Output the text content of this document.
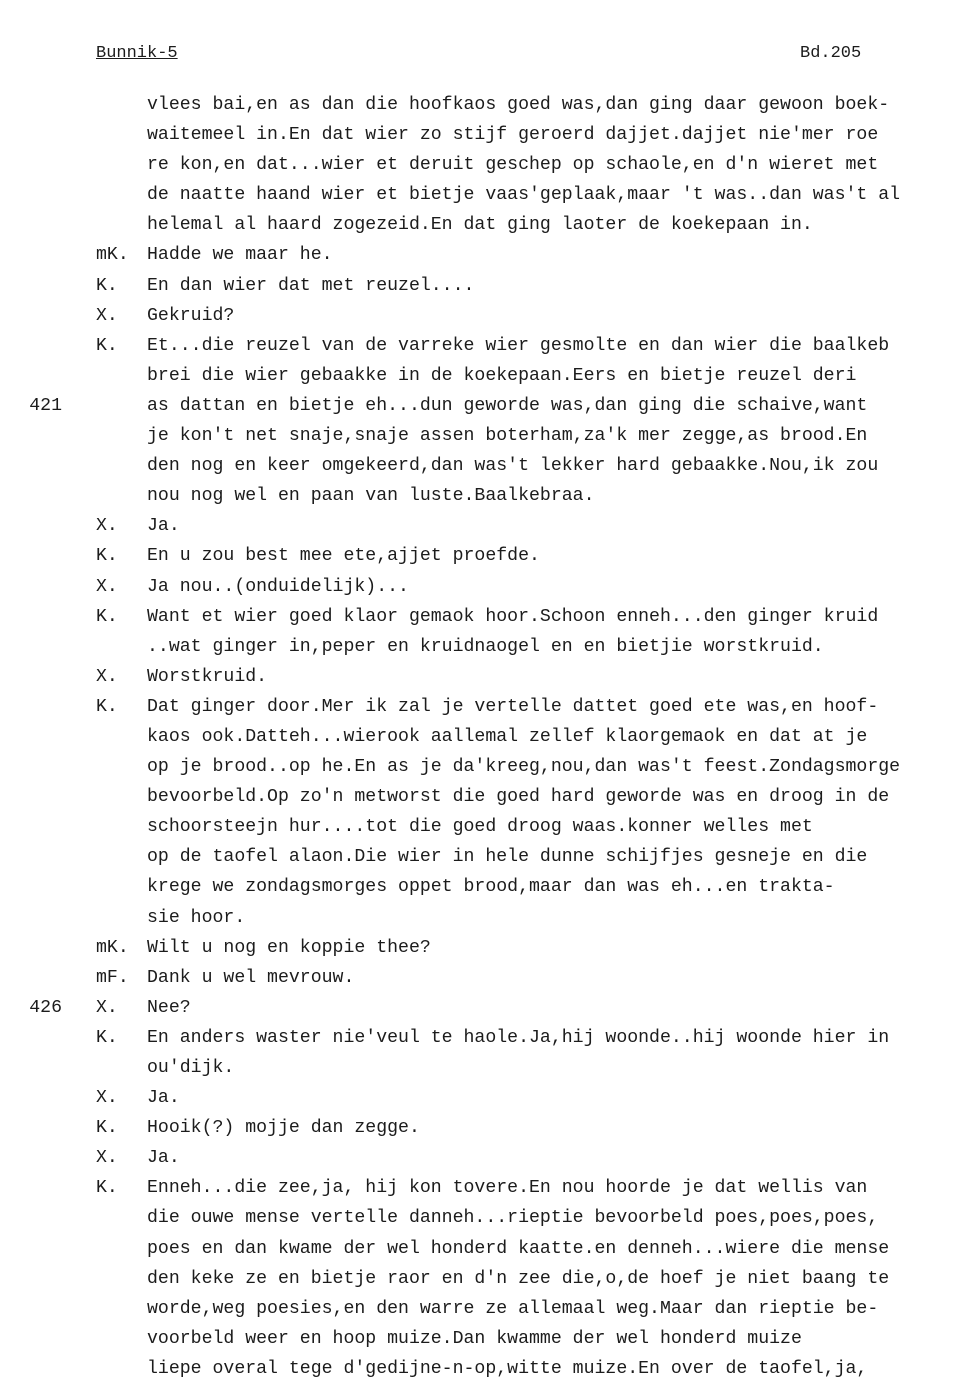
Bunnik-5	Bd.205
vlees bai,en as dan die hoofkaos goed was,dan ging daar gewoon boek-
waitemeel in.En dat wier zo stijf geroerd dajjet.dajjet nie'mer roe
re kon,en dat...wier et deruit geschep op schaole,en d'n wieret met
de naatte haand wier et bietje vaas'geplaak,maar 't was..dan was't al
helemal al haard zogezeid.En dat ging laoter de koekepaan in.
mK.	Hadde we maar he.
K.	En dan wier dat met reuzel....
X.	Gekruid?
K.	Et...die reuzel van de varreke wier gesmolte en dan wier die baalkeb
brei die wier gebaakke in de koekepaan.Eers en bietje reuzel deri
421	as dattan en bietje eh...dun geworde was,dan ging die schaive,want
je kon't net snaje,snaje assen boterham,za'k mer zegge,as brood.En
den nog en keer omgekeerd,dan was't lekker hard gebaakke.Nou,ik zou
nou nog wel en paan van luste.Baalkebraa.
X.	Ja.
K.	En u zou best mee ete,ajjet proefde.
X.	Ja nou..(onduidelijk)...
K.	Want et wier goed klaor gemaok hoor.Schoon enneh...den ginger kruid
..wat ginger in,peper en kruidnaogel en en bietjie worstkruid.
X.	Worstkruid.
K.	Dat ginger door.Mer ik zal je vertelle dattet goed ete was,en hoof-
kaos ook.Datteh...wierook aallemal zellef klaorgemaok en dat at je
op je brood..op he.En as je da'kreeg,nou,dan was't feest.Zondagsmorge
bevoorbeld.Op zo'n metworst die goed hard geworde was en droog in de
schoorsteejn hur....tot die goed droog waas.konner welles met
op de taofel alaon.Die wier in hele dunne schijfjes gesneje en die
krege we zondagsmorges oppet brood,maar dan was eh...en trakta-
sie hoor.
mK.	Wilt u nog en koppie thee?
mF.	Dank u wel mevrouw.
426 X.	Nee?
K.	En anders waster nie'veul te haole.Ja,hij woonde..hij woonde hier in
ou'dijk.
X.	Ja.
K.	Hooik(?) mojje dan zegge.
X.	Ja.
K.	Enneh...die zee,ja, hij kon tovere.En nou hoorde je dat wellis van
die ouwe mense vertelle danneh...rieptie bevoorbeld poes,poes,poes,
poes en dan kwame der wel honderd kaatte.en denneh...wiere die mense
den keke ze en bietje raor en d'n zee die,o,de hoef je niet baang te
worde,weg poesies,en den warre ze allemaal weg.Maar dan rieptie be-
voorbeld weer en hoop muize.Dan kwamme der wel honderd muize
liepe overal tege d'gedijne-n-op,witte muize.En over de taofel,ja,
